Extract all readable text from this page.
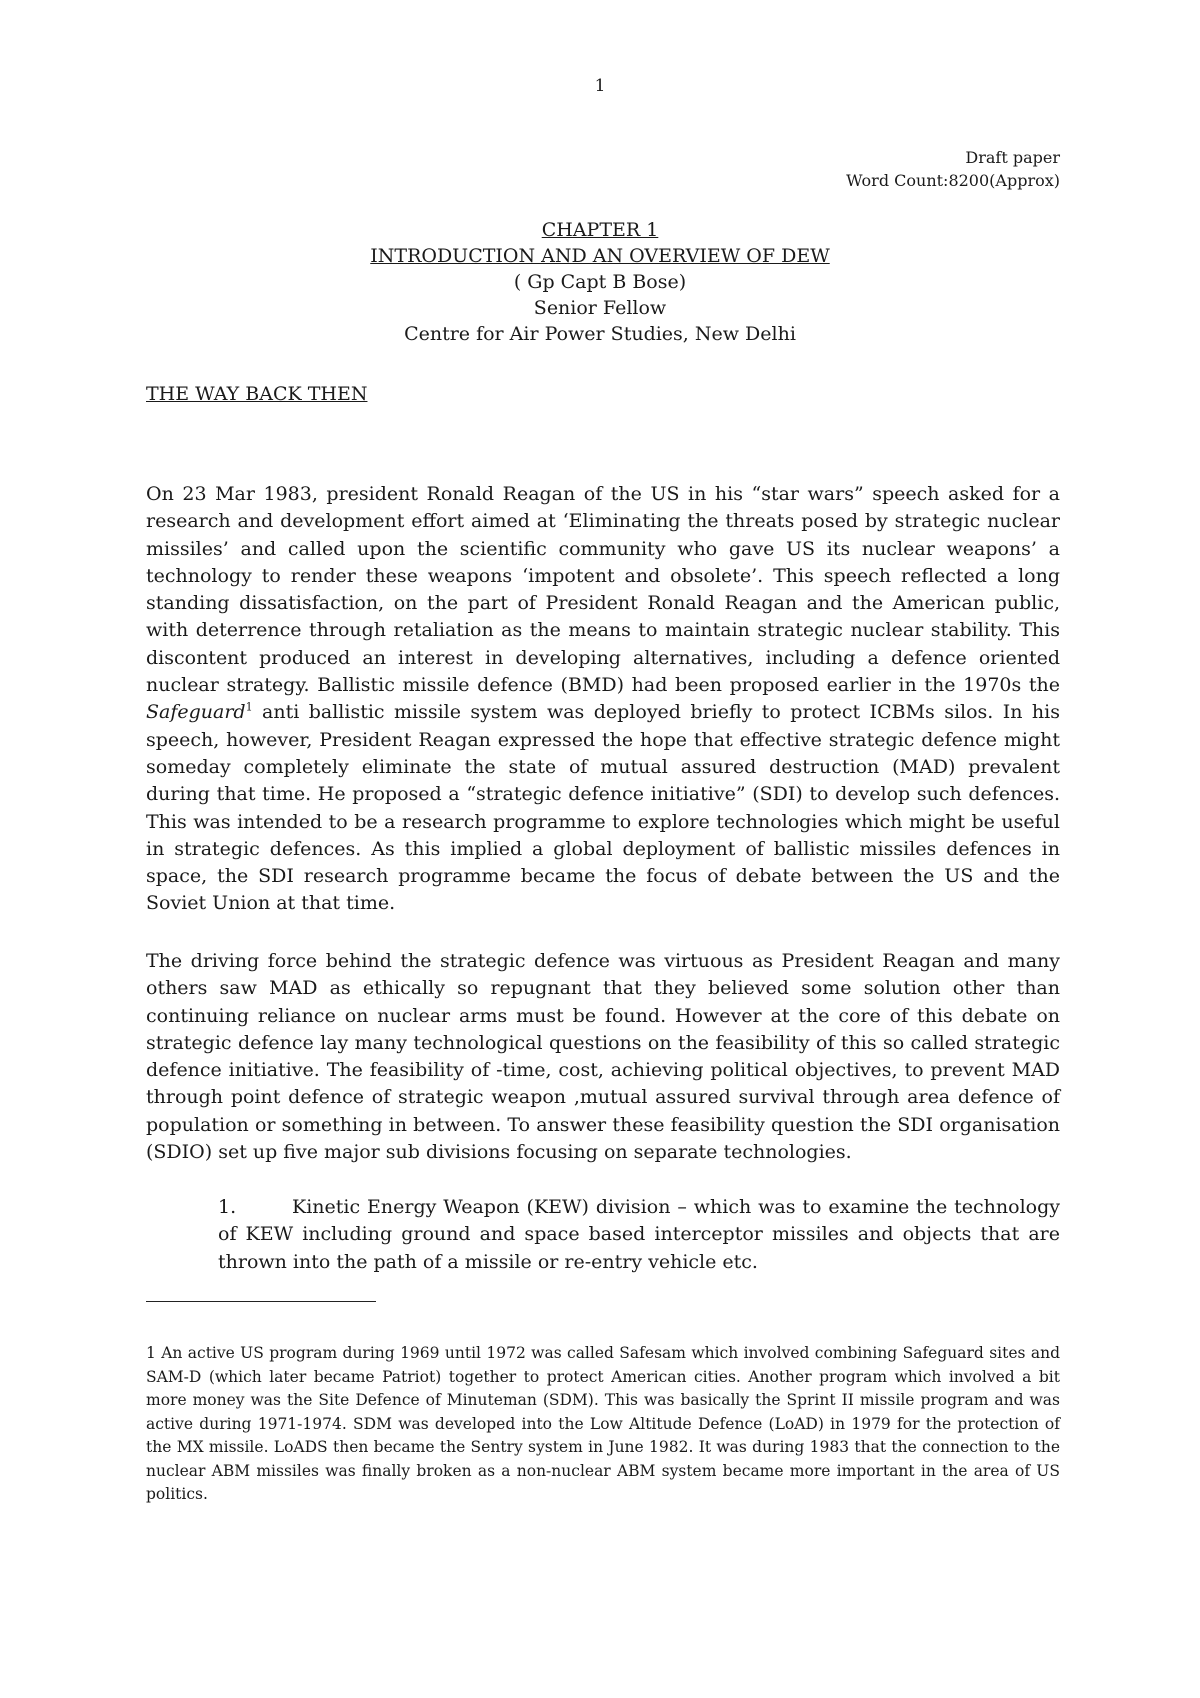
1
Draft paper
Word Count:8200(Approx)
CHAPTER 1
INTRODUCTION AND AN OVERVIEW OF DEW
( Gp Capt B Bose)
Senior Fellow
Centre for Air Power Studies, New Delhi
THE WAY BACK THEN

On 23 Mar 1983, president Ronald Reagan of the US in his “star wars” speech asked for a research and development effort aimed at ‘Eliminating the threats posed by strategic nuclear missiles’ and called upon the scientific community who gave US its nuclear weapons’ a technology to render these weapons ‘impotent and obsolete’. This speech reflected a long standing dissatisfaction, on the part of President Ronald Reagan and the American public, with deterrence through retaliation as the means to maintain strategic nuclear stability. This discontent produced an interest in developing alternatives, including a defence oriented nuclear strategy. Ballistic missile defence (BMD) had been proposed earlier in the 1970s the Safeguard$^1$ anti ballistic missile system was deployed briefly to protect ICBMs silos. In his speech, however, President Reagan expressed the hope that effective strategic defence might someday completely eliminate the state of mutual assured destruction (MAD) prevalent during that time. He proposed a “strategic defence initiative” (SDI) to develop such defences. This was intended to be a research programme to explore technologies which might be useful in strategic defences. As this implied a global deployment of ballistic missiles defences in space, the SDI research programme became the focus of debate between the US and the Soviet Union at that time.

The driving force behind the strategic defence was virtuous as President Reagan and many others saw MAD as ethically so repugnant that they believed some solution other than continuing reliance on nuclear arms must be found. However at the core of this debate on strategic defence lay many technological questions on the feasibility of this so called strategic defence initiative. The feasibility of -time, cost, achieving political objectives, to prevent MAD through point defence of strategic weapon ,mutual assured survival through area defence of population or something in between. To answer these feasibility question the SDI organisation (SDIO) set up five major sub divisions focusing on separate technologies.

1.	Kinetic Energy Weapon (KEW) division – which was to examine the technology of KEW including ground and space based interceptor missiles and objects that are thrown into the path of a missile or re-entry vehicle etc.
1 An active US program during 1969 until 1972 was called Safesam which involved combining Safeguard sites and SAM-D (which later became Patriot) together to protect American cities. Another program which involved a bit more money was the Site Defence of Minuteman (SDM). This was basically the Sprint II missile program and was active during 1971-1974. SDM was developed into the Low Altitude Defence (LoAD) in 1979 for the protection of the MX missile. LoADS then became the Sentry system in June 1982. It was during 1983 that the connection to the nuclear ABM missiles was finally broken as a non-nuclear ABM system became more important in the area of US politics.
